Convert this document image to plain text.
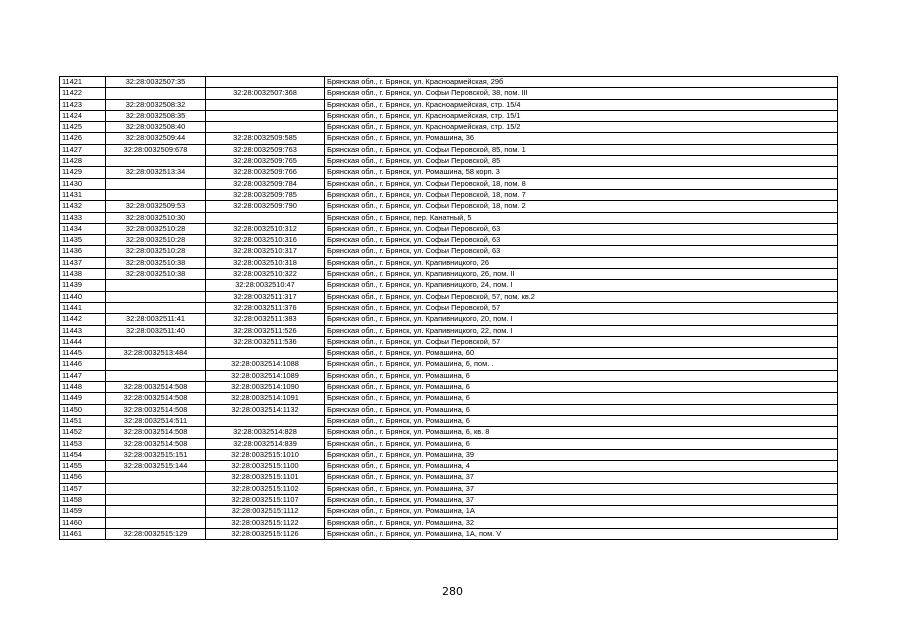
11421	32:28:0032507:35		Брянская обл., г. Брянск, ул. Красноармейская, 29б
11422		32:28:0032507:368	Брянская обл., г. Брянск, ул. Софьи Перовской, 38, пом. III
11423	32:28:0032508:32		Брянская обл., г. Брянск, ул. Красноармейская, стр. 15/4
11424	32:28:0032508:35		Брянская обл., г. Брянск, ул. Красноармейская, стр. 15/1
11425	32:28:0032508:40		Брянская обл., г. Брянск, ул. Красноармейская, стр. 15/2
11426	32:28:0032509:44	32:28:0032509:585	Брянская обл., г. Брянск, ул. Ромашина, 36
11427	32:28:0032509:678	32:28:0032509:763	Брянская обл., г. Брянск, ул. Софьи Перовской, 85, пом. 1
11428		32:28:0032509:765	Брянская обл., г. Брянск, ул. Софьи Перовской, 85
11429	32:28:0032513:34	32:28:0032509:766	Брянская обл., г. Брянск, ул. Ромашина, 58 корп. 3
11430		32:28:0032509:784	Брянская обл., г. Брянск, ул. Софьи Перовской, 18, пом. 8
11431		32:28:0032509:785	Брянская обл., г. Брянск, ул. Софьи Перовской, 18, пом. 7
11432	32:28:0032509:53	32:28:0032509:790	Брянская обл., г. Брянск, ул. Софьи Перовской, 18, пом. 2
11433	32:28:0032510:30		Брянская обл., г. Брянск, пер. Канатный, 5
11434	32:28:0032510:28	32:28:0032510:312	Брянская обл., г. Брянск, ул. Софьи Перовской, 63
11435	32:28:0032510:28	32:28:0032510:316	Брянская обл., г. Брянск, ул. Софьи Перовской, 63
11436	32:28:0032510:28	32:28:0032510:317	Брянская обл., г. Брянск, ул. Софьи Перовской, 63
11437	32:28:0032510:38	32:28:0032510:318	Брянская обл., г. Брянск, ул. Крапивницкого, 26
11438	32:28:0032510:38	32:28:0032510:322	Брянская обл., г. Брянск, ул. Крапивницкого, 26, пом. II
11439		32:28:0032510:47	Брянская обл., г. Брянск, ул. Крапивницкого, 24, пом. I
11440		32:28:0032511:317	Брянская обл., г. Брянск, ул. Софьи Перовской, 57, пом. кв.2
11441		32:28:0032511:376	Брянская обл., г. Брянск, ул. Софьи Перовской, 57
11442	32:28:0032511:41	32:28:0032511:383	Брянская обл., г. Брянск, ул. Крапивницкого, 20, пом. I
11443	32:28:0032511:40	32:28:0032511:526	Брянская обл., г. Брянск, ул. Крапивницкого, 22, пом. I
11444		32:28:0032511:536	Брянская обл., г. Брянск, ул. Софьи Перовской, 57
11445	32:28:0032513:484		Брянская обл., г. Брянск, ул. Ромашина, 60
11446		32:28:0032514:1088	Брянская обл., г. Брянск, ул. Ромашина, 6, пом. .
11447		32:28:0032514:1089	Брянская обл., г. Брянск, ул. Ромашина, 6
11448	32:28:0032514:508	32:28:0032514:1090	Брянская обл., г. Брянск, ул. Ромашина, 6
11449	32:28:0032514:508	32:28:0032514:1091	Брянская обл., г. Брянск, ул. Ромашина, 6
11450	32:28:0032514:508	32:28:0032514:1132	Брянская обл., г. Брянск, ул. Ромашина, 6
11451	32:28:0032514:511		Брянская обл., г. Брянск, ул. Ромашина, 6
11452	32:28:0032514:508	32:28:0032514:828	Брянская обл., г. Брянск, ул. Ромашина, 6, кв. 8
11453	32:28:0032514:508	32:28:0032514:839	Брянская обл., г. Брянск, ул. Ромашина, 6
11454	32:28:0032515:151	32:28:0032515:1010	Брянская обл., г. Брянск, ул. Ромашина, 39
11455	32:28:0032515:144	32:28:0032515:1100	Брянская обл., г. Брянск, ул. Ромашина, 4
11456		32:28:0032515:1101	Брянская обл., г. Брянск, ул. Ромашина, 37
11457		32:28:0032515:1102	Брянская обл., г. Брянск, ул. Ромашина, 37
11458		32:28:0032515:1107	Брянская обл., г. Брянск, ул. Ромашина, 37
11459		32:28:0032515:1112	Брянская обл., г. Брянск, ул. Ромашина, 1А
11460		32:28:0032515:1122	Брянская обл., г. Брянск, ул. Ромашина, 32
11461	32:28:0032515:129	32:28:0032515:1126	Брянская обл., г. Брянск, ул. Ромашина, 1А, пом. V
280
